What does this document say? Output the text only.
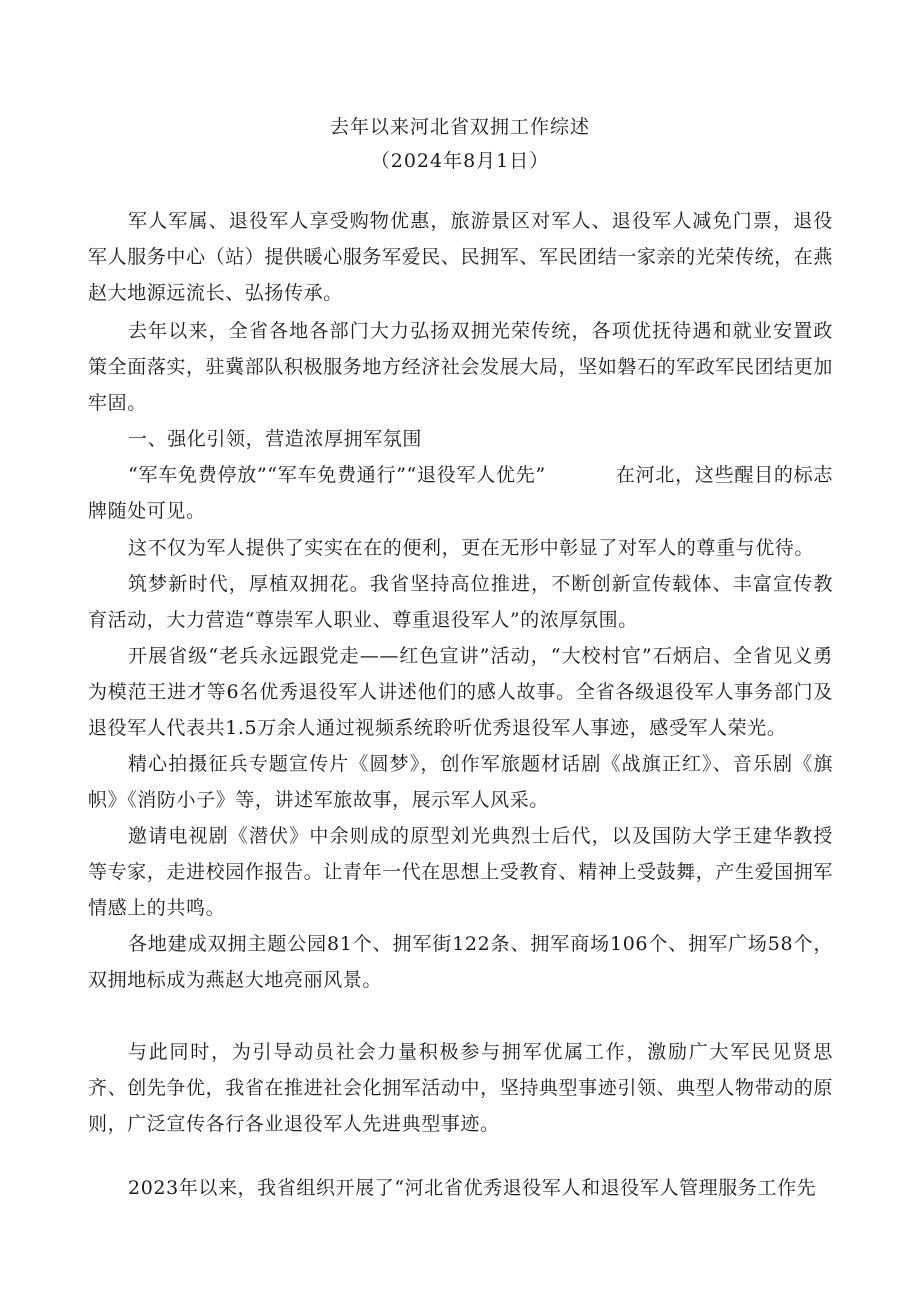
去年以来河北省双拥工作综述
（2024年8月1日）

军人军属、退役军人享受购物优惠，旅游景区对军人、退役军人减免门票，退役军人服务中心（站）提供暖心服务军爱民、民拥军、军民团结一家亲的光荣传统，在燕赵大地源远流长、弘扬传承。

去年以来，全省各地各部门大力弘扬双拥光荣传统，各项优抚待遇和就业安置政策全面落实，驻冀部队积极服务地方经济社会发展大局，坚如磐石的军政军民团结更加牢固。

一、强化引领，营造浓厚拥军氛围

“军车免费停放”“军车免费通行”“退役军人优先”	在河北，这些醒目的标志牌随处可见。

这不仅为军人提供了实实在在的便利，更在无形中彰显了对军人的尊重与优待。

筑梦新时代，厚植双拥花。我省坚持高位推进，不断创新宣传载体、丰富宣传教育活动，大力营造“尊崇军人职业、尊重退役军人”的浓厚氛围。

开展省级“老兵永远跟党走——红色宣讲”活动，“大校村官”石炳启、全省见义勇为模范王进才等6名优秀退役军人讲述他们的感人故事。全省各级退役军人事务部门及退役军人代表共1.5万余人通过视频系统聆听优秀退役军人事迹，感受军人荣光。

精心拍摄征兵专题宣传片《圆梦》，创作军旅题材话剧《战旗正红》、音乐剧《旗帜》《消防小子》等，讲述军旅故事，展示军人风采。

邀请电视剧《潜伏》中余则成的原型刘光典烈士后代，以及国防大学王建华教授等专家，走进校园作报告。让青年一代在思想上受教育、精神上受鼓舞，产生爱国拥军情感上的共鸣。

各地建成双拥主题公园81个、拥军街122条、拥军商场106个、拥军广场58个，双拥地标成为燕赵大地亮丽风景。

与此同时，为引导动员社会力量积极参与拥军优属工作，激励广大军民见贤思齐、创先争优，我省在推进社会化拥军活动中，坚持典型事迹引领、典型人物带动的原则，广泛宣传各行各业退役军人先进典型事迹。

2023年以来，我省组织开展了“河北省优秀退役军人和退役军人管理服务工作先
